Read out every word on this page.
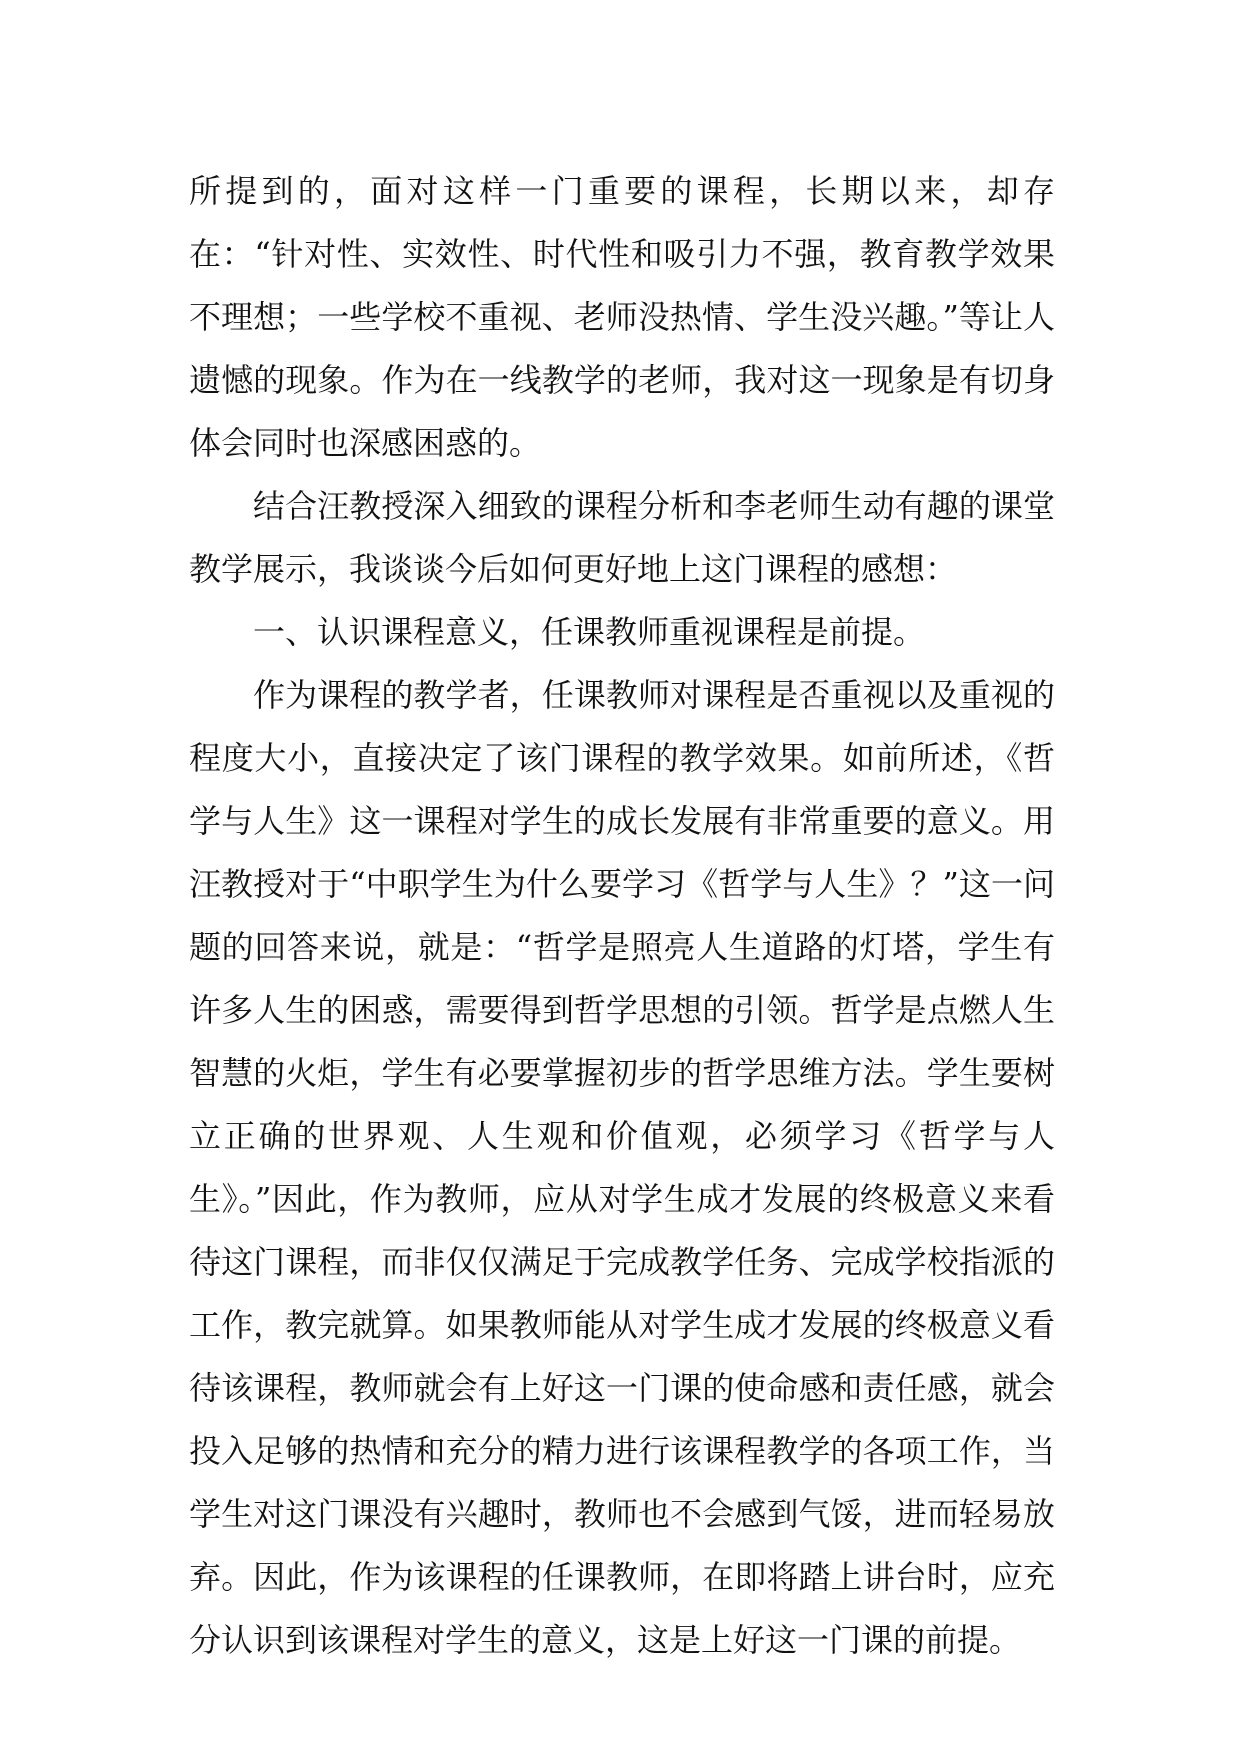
所提到的，面对这样一门重要的课程，长期以来，却存在：“针对性、实效性、时代性和吸引力不强，教育教学效果不理想；一些学校不重视、老师没热情、学生没兴趣。”等让人遗憾的现象。作为在一线教学的老师，我对这一现象是有切身体会同时也深感困惑的。

结合汪教授深入细致的课程分析和李老师生动有趣的课堂教学展示，我谈谈今后如何更好地上这门课程的感想：

一、认识课程意义，任课教师重视课程是前提。

作为课程的教学者，任课教师对课程是否重视以及重视的程度大小，直接决定了该门课程的教学效果。如前所述，《哲学与人生》这一课程对学生的成长发展有非常重要的意义。用汪教授对于“中职学生为什么要学习《哲学与人生》？”这一问题的回答来说，就是：“哲学是照亮人生道路的灯塔，学生有许多人生的困惑，需要得到哲学思想的引领。哲学是点燃人生智慧的火炬，学生有必要掌握初步的哲学思维方法。学生要树立正确的世界观、人生观和价值观，必须学习《哲学与人生》。”因此，作为教师，应从对学生成才发展的终极意义来看待这门课程，而非仅仅满足于完成教学任务、完成学校指派的工作，教完就算。如果教师能从对学生成才发展的终极意义看待该课程，教师就会有上好这一门课的使命感和责任感，就会投入足够的热情和充分的精力进行该课程教学的各项工作，当学生对这门课没有兴趣时，教师也不会感到气馁，进而轻易放弃。因此，作为该课程的任课教师，在即将踏上讲台时，应充分认识到该课程对学生的意义，这是上好这一门课的前提。
